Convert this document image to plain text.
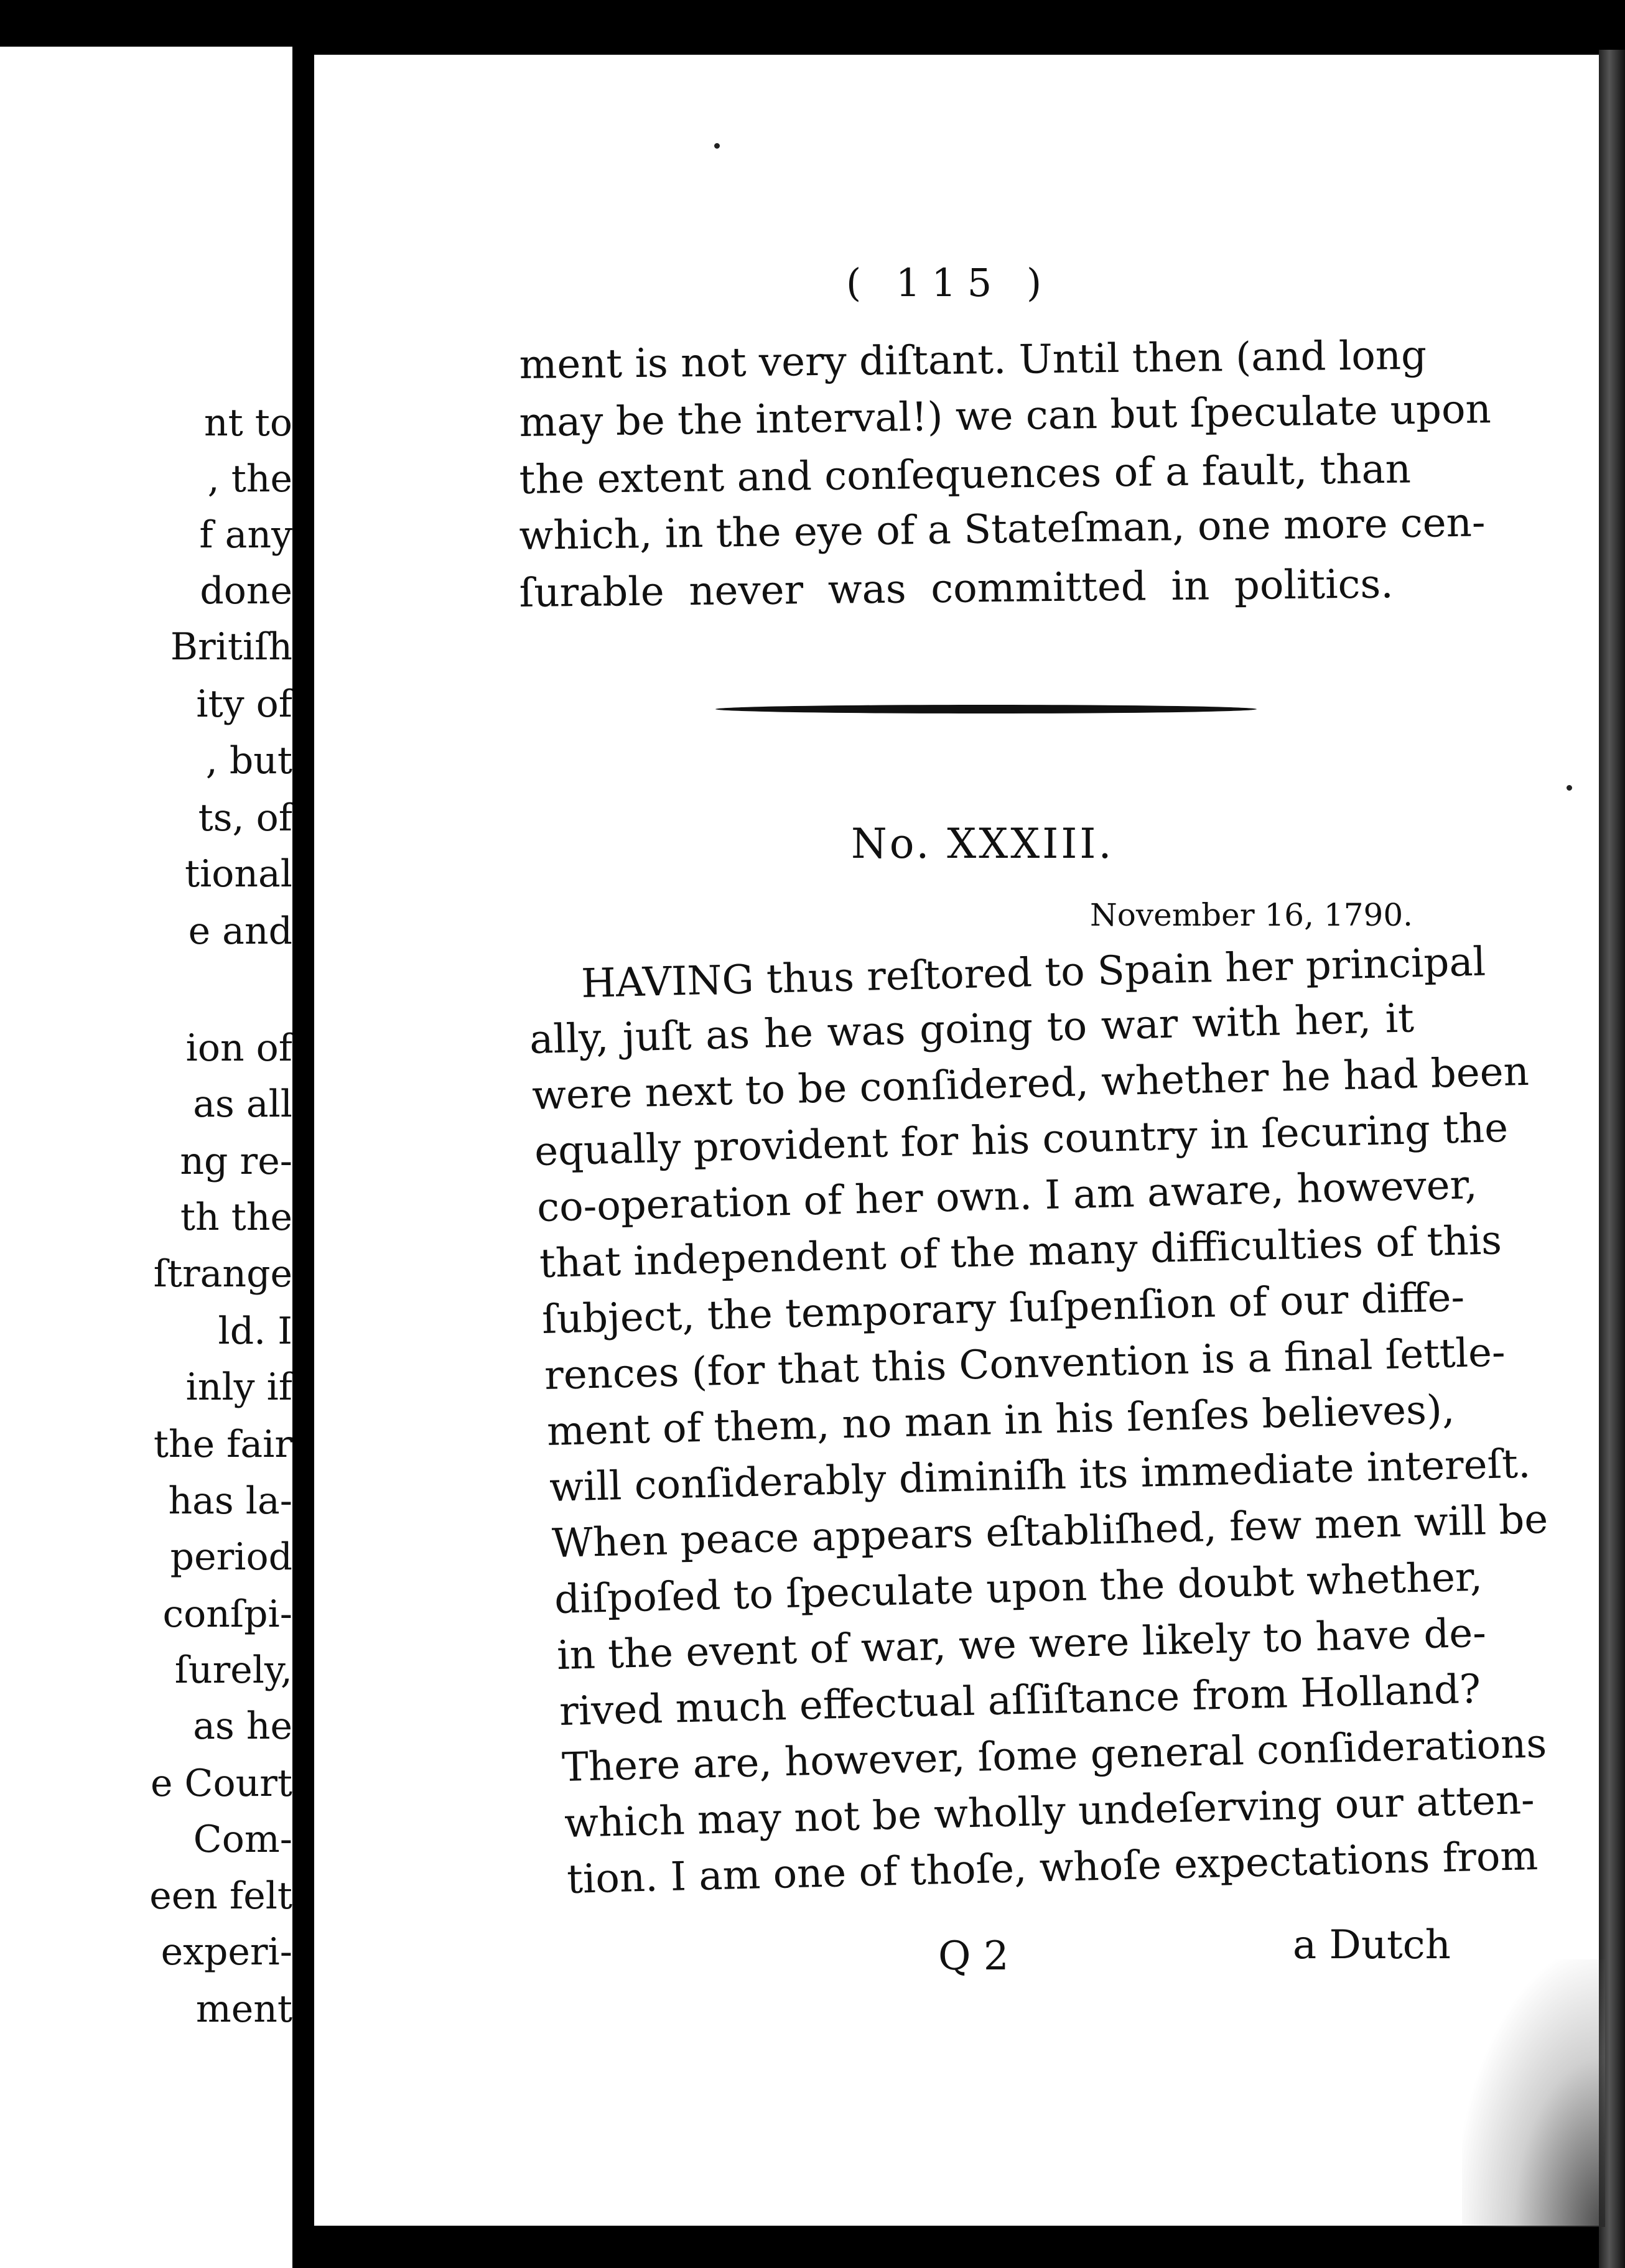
nt to

, the

f any

done

Britiſh

ity of

, but

ts, of

tional

e and

ion of

as all

ng re-

th the

ſtrange

ld. I

inly if

the fair

has la-

period

conſpi-

ſurely,

as he

e Court

Com-

een felt

experi-

ment

( 115 )

ment is not very diſtant. Until then (and long

may be the interval!) we can but ſpeculate upon

the extent and conſequences of a fault, than

which, in the eye of a Stateſman, one more cen-

ſurable never was committed in politics.

No. XXXIII.

November 16, 1790.

HAVING thus reſtored to Spain her principal

ally, juſt as he was going to war with her, it

were next to be conſidered, whether he had been

equally provident for his country in ſecuring the

co-operation of her own. I am aware, however,

that independent of the many difficulties of this

ſubject, the temporary ſuſpenſion of our diffe-

rences (for that this Convention is a final ſettle-

ment of them, no man in his ſenſes believes),

will conſiderably diminiſh its immediate intereſt.

When peace appears eſtabliſhed, few men will be

diſpoſed to ſpeculate upon the doubt whether,

in the event of war, we were likely to have de-

rived much effectual aſſiſtance from Holland?

There are, however, ſome general conſiderations

which may not be wholly undeſerving our atten-

tion. I am one of thoſe, whoſe expectations from

Q 2	a Dutch
